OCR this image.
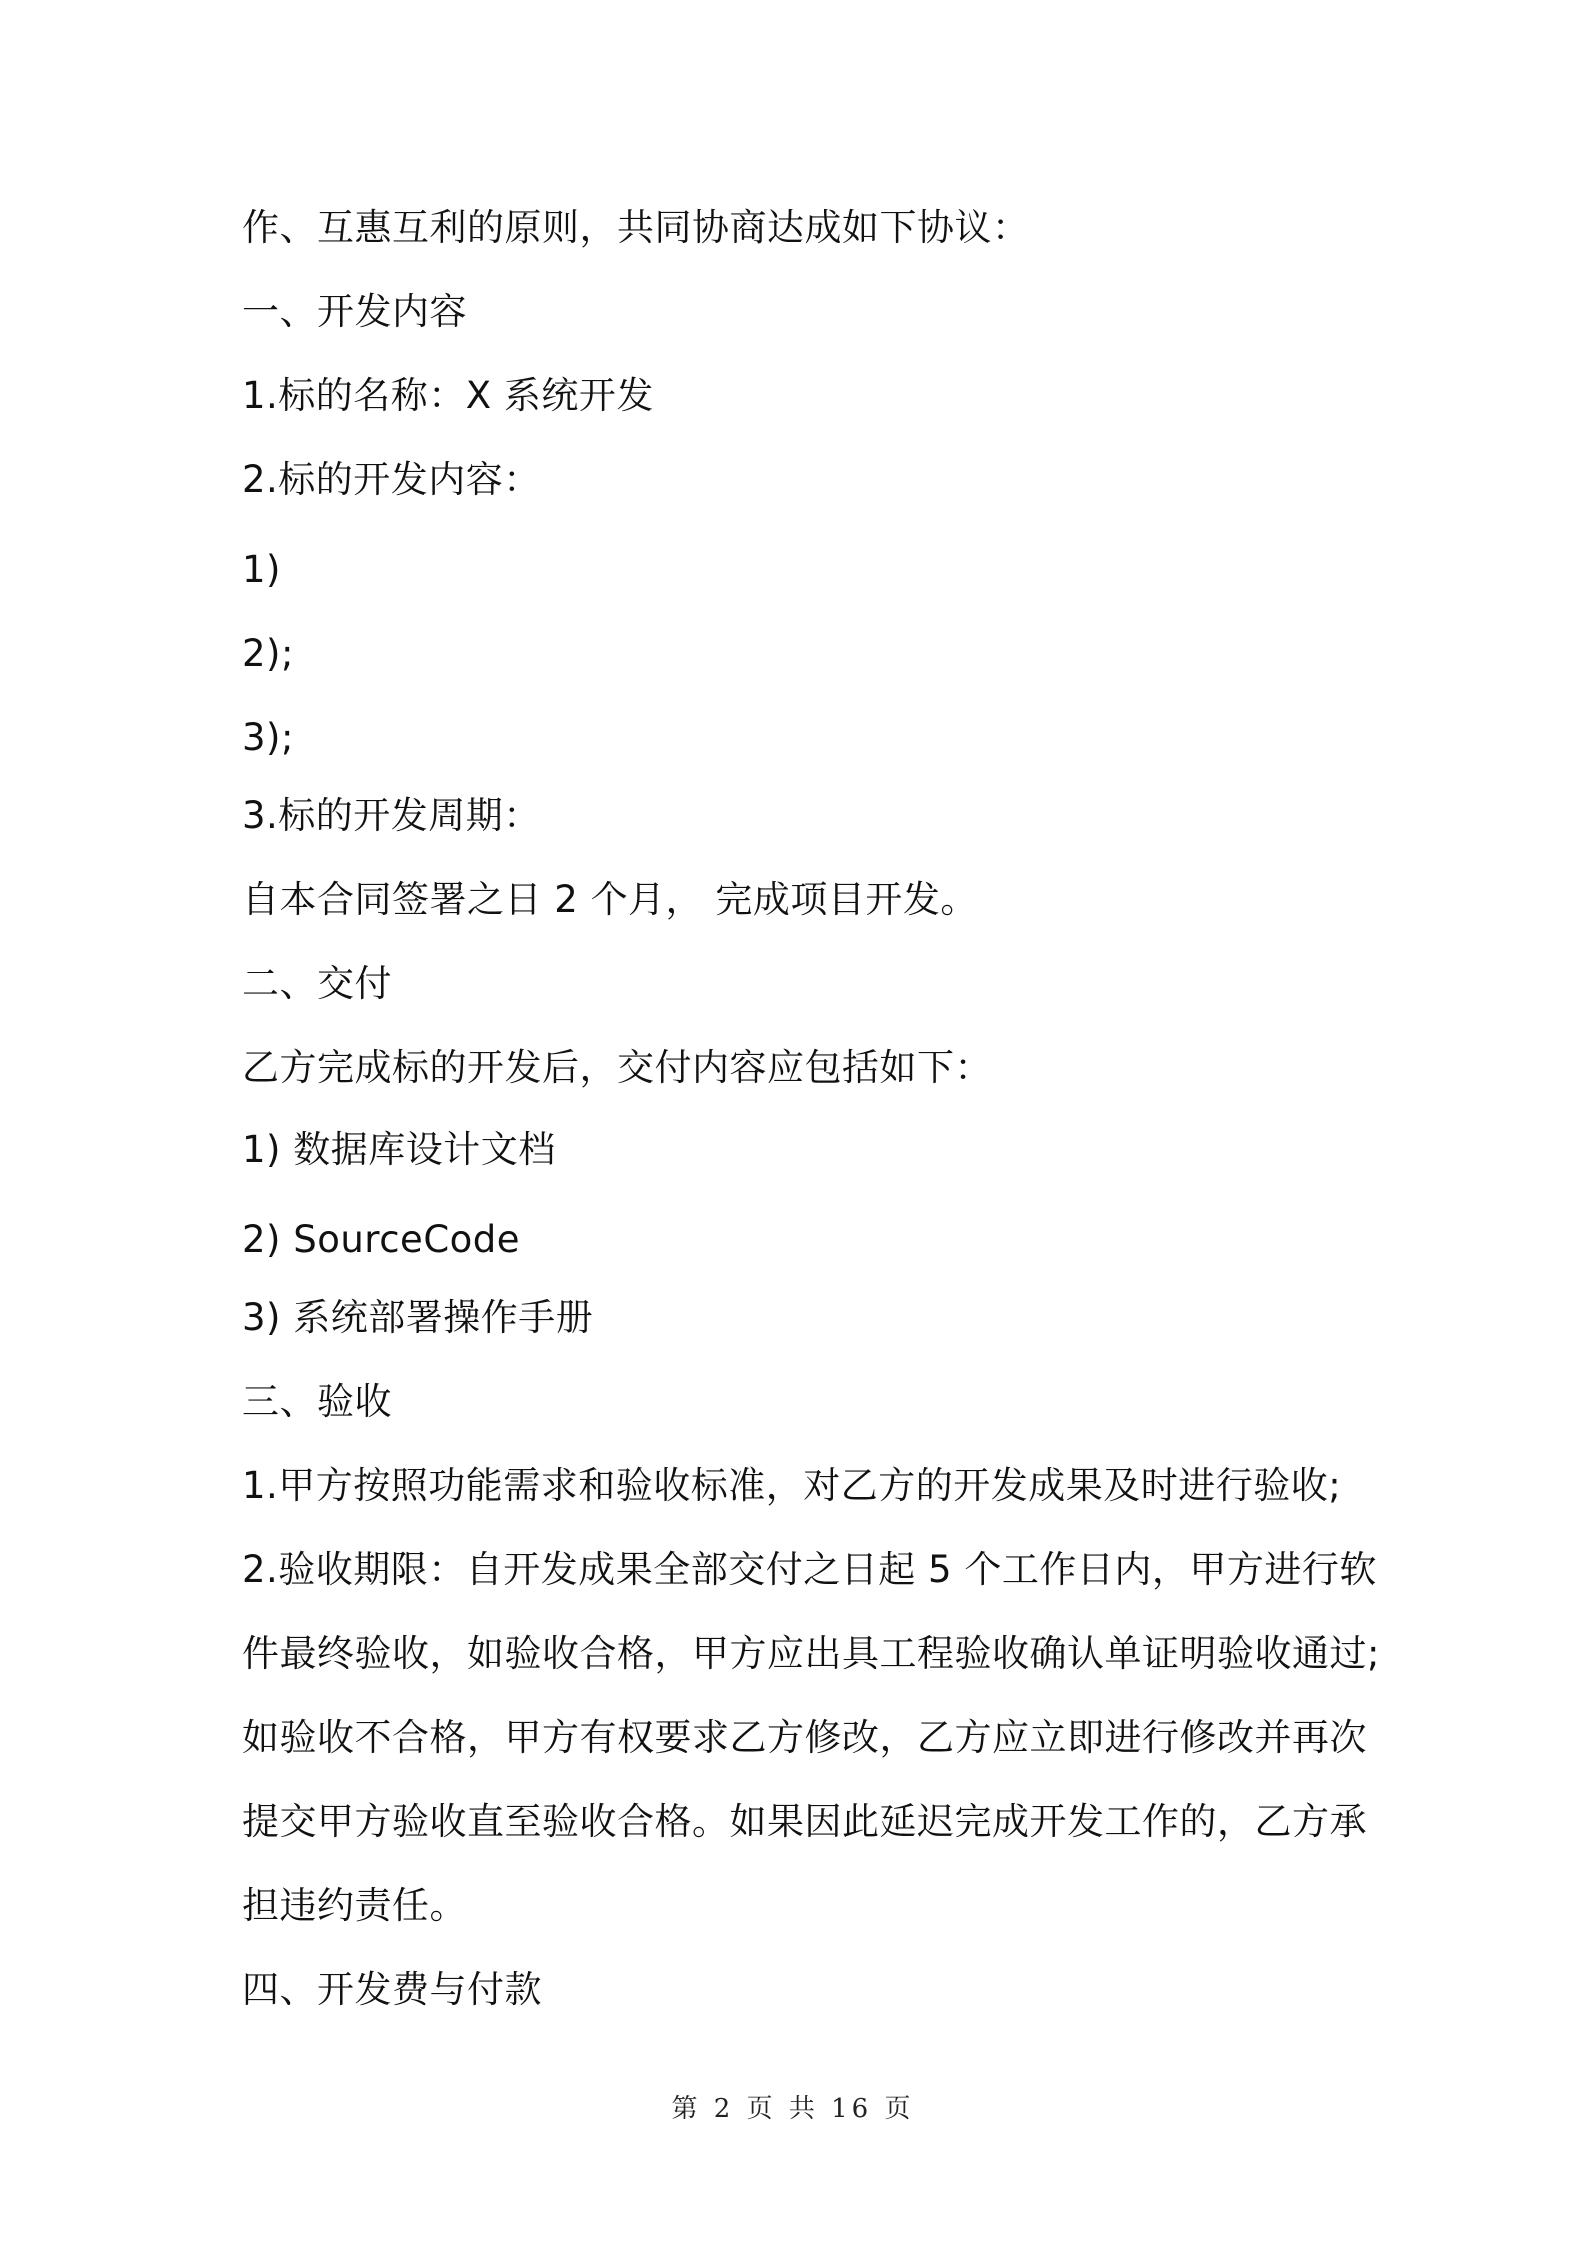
作、互惠互利的原则，共同协商达成如下协议：
一、开发内容
1.标的名称：X 系统开发
2.标的开发内容：
1)
2);
3);
3.标的开发周期：
自本合同签署之日 2 个月， 完成项目开发。
二、交付
乙方完成标的开发后，交付内容应包括如下：
1) 数据库设计文档
2) SourceCode
3) 系统部署操作手册
三、验收
1.甲方按照功能需求和验收标准，对乙方的开发成果及时进行验收;
2.验收期限：自开发成果全部交付之日起 5 个工作日内，甲方进行软
件最终验收，如验收合格，甲方应出具工程验收确认单证明验收通过;
如验收不合格，甲方有权要求乙方修改，乙方应立即进行修改并再次
提交甲方验收直至验收合格。如果因此延迟完成开发工作的，乙方承
担违约责任。
四、开发费与付款
第 2 页 共 16 页
